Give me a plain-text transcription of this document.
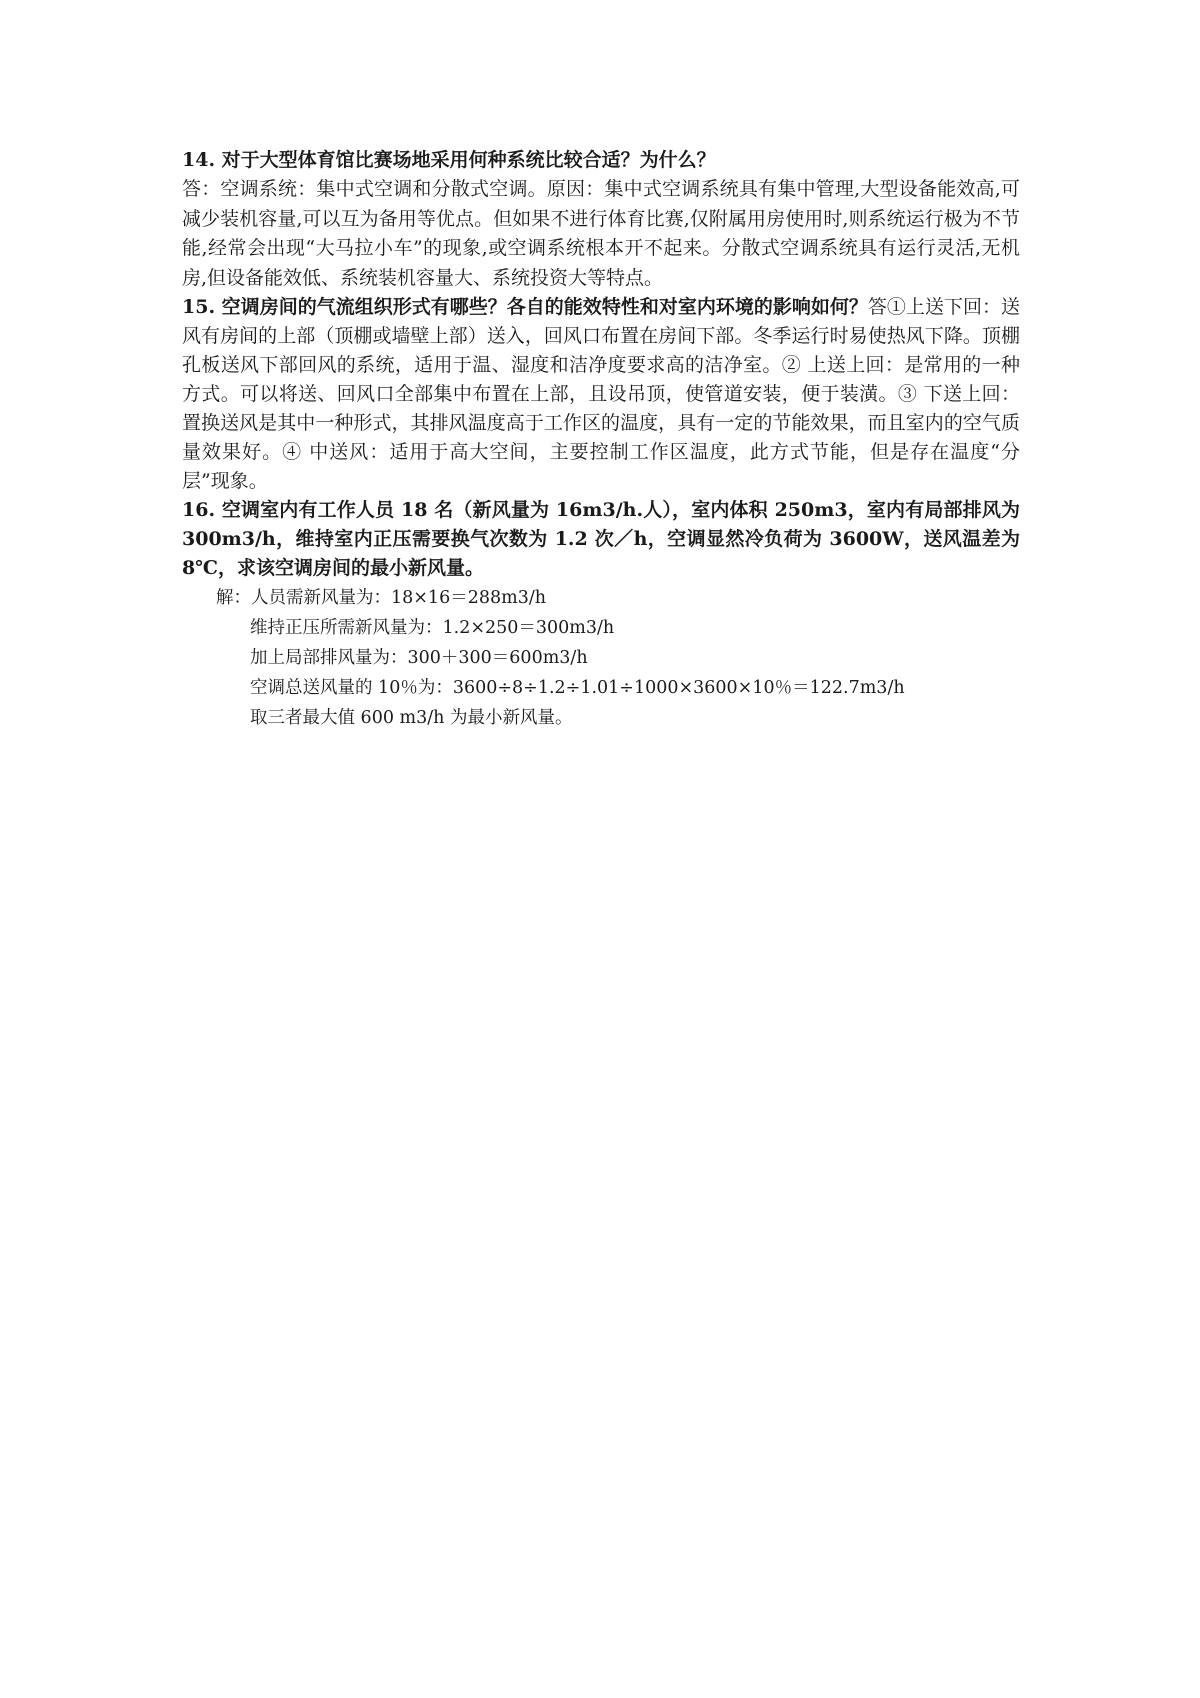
14. 对于大型体育馆比赛场地采用何种系统比较合适？为什么？

答：空调系统：集中式空调和分散式空调。原因：集中式空调系统具有集中管理,大型设备能效高,可减少装机容量,可以互为备用等优点。但如果不进行体育比赛,仅附属用房使用时,则系统运行极为不节能,经常会出现“大马拉小车”的现象,或空调系统根本开不起来。分散式空调系统具有运行灵活,无机房,但设备能效低、系统装机容量大、系统投资大等特点。

15. 空调房间的气流组织形式有哪些？各自的能效特性和对室内环境的影响如何？答①上送下回：送风有房间的上部（顶棚或墙壁上部）送入，回风口布置在房间下部。冬季运行时易使热风下降。顶棚孔板送风下部回风的系统，适用于温、湿度和洁净度要求高的洁净室。② 上送上回：是常用的一种方式。可以将送、回风口全部集中布置在上部，且设吊顶，使管道安装，便于装潢。③ 下送上回：置换送风是其中一种形式，其排风温度高于工作区的温度，具有一定的节能效果，而且室内的空气质量效果好。④ 中送风：适用于高大空间，主要控制工作区温度，此方式节能，但是存在温度“分层”现象。

16. 空调室内有工作人员 18 名（新风量为 16m3/h.人），室内体积 250m3，室内有局部排风为 300m3/h，维持室内正压需要换气次数为 1.2 次／h，空调显然冷负荷为 3600W，送风温差为 8℃，求该空调房间的最小新风量。

解：人员需新风量为：18×16＝288m3/h

维持正压所需新风量为：1.2×250＝300m3/h

加上局部排风量为：300＋300＝600m3/h

空调总送风量的 10％为：3600÷8÷1.2÷1.01÷1000×3600×10％＝122.7m3/h

取三者最大值 600 m3/h 为最小新风量。
